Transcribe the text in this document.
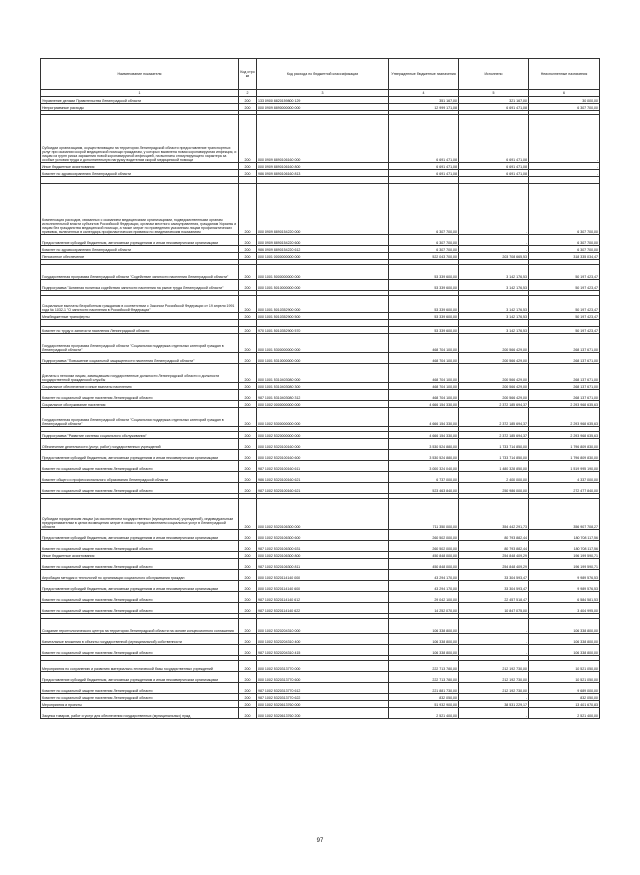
Наименование показателя	Код стро ки	Код расхода по бюджетной классификации	Утвержденные бюджетные назначения	Исполнено	Неисполненные назначения
1	2	3	4	5	6
Управление делами Правительства Ленинградской области	200	133 0900 8820159800 129	351 167,00	321 167,00	30 000,00
Непрограммные расходы	200	000 0909 8890000000 000	12 999 171,08	6 691 471,08	6 307 700,00

Субсидии организациям, осуществляющим на территории Ленинградской области предоставление транспортных услуг при оказании скорой медицинской помощи гражданам, у которых выявлена новая коронавирусная инфекция, и лицам из групп риска заражения новой коронавирусной инфекцией, на выплаты стимулирующего характера за особые условия труда и дополнительную нагрузку водителям скорой медицинской помощи	200	000 0909 8890106160 000	6 691 471,08	6 691 471,08	-
Иные бюджетные ассигнования	200	000 0909 8890106160 800	6 691 471,08	6 691 471,08	-
Комитет по здравоохранению Ленинградской области	200	986 0909 8890106160 813	6 691 471,08	6 691 471,08	-

Компенсация расходов, связанных с оказанием медицинскими организациями, подведомственными органам исполнительной власти субъектов Российской Федерации, органам местного самоуправления, гражданам Украины и лицам без гражданства медицинской помощи, а также затрат по проведению указанным лицам профилактических прививок, включенных в календарь профилактических прививок по эпидемическим показаниям	200	000 0909 8890154220 000	6 307 700,00	-	6 307 700,00
Предоставление субсидий бюджетным, автономным учреждениям и иным некоммерческим организациям	200	000 0909 8890154220 600	6 307 700,00	-	6 307 700,00
Комитет по здравоохранению Ленинградской области	200	986 0909 8890154220 612	6 307 700,00	-	6 307 700,00
Пенсионное обеспечение	200	000 1001 0000000000 000	522 043 700,00	203 708 665,53	318 335 034,47

Государственная программа Ленинградской области "Содействие занятости населения Ленинградской области"	200	000 1001 5000000000 000	53 339 600,00	3 142 176,53	50 197 423,47
Подпрограмма "Активная политика содействия занятости населения на рынке труда Ленинградской области"	200	000 1001 5010000000 000	53 339 600,00	3 142 176,53	50 197 423,47

Социальные выплаты безработным гражданам в соответствии с Законом Российской Федерации от 19 апреля 1991 года № 1032-1 "О занятости населения в Российской Федерации"	200	000 1001 5010352900 000	53 339 600,00	3 142 176,53	50 197 423,47
Межбюджетные трансферты	200	000 1001 5010352900 500	53 339 600,00	3 142 176,53	50 197 423,47

Комитет по труду и занятости населения Ленинградской области	200	970 1001 5010352900 570	53 339 600,00	3 142 176,53	50 197 423,47
Государственная программа Ленинградской области "Социальная поддержка отдельных категорий граждан в Ленинградской области"	200	000 1001 5300000000 000	468 704 100,00	200 566 429,00	268 137 671,00
Подпрограмма "Повышение социальной защищенности населения Ленинградской области"	200	000 1001 5310000000 000	468 704 100,00	200 566 429,00	268 137 671,00
Доплаты к пенсиям лицам, замещавшим государственные должности Ленинградской области и должности государственной гражданской службы	200	000 1001 5310403080 000	468 704 100,00	200 566 429,00	268 137 671,00
Социальное обеспечение и иные выплаты населению	200	000 1001 5310403080 300	468 704 100,00	200 566 429,00	268 137 671,00
Комитет по социальной защите населения Ленинградской области	200	987 1001 5310403080 312	468 704 100,00	200 566 429,00	268 137 671,00
Социальное обслуживание населения	200	000 1002 0000000000 000	4 666 154 330,00	2 372 185 694,37	2 293 968 635,63
Государственная программа Ленинградской области "Социальная поддержка отдельных категорий граждан в Ленинградской области"	200	000 1002 5300000000 000	4 666 154 330,00	2 372 185 694,37	2 293 968 635,63

Подпрограмма "Развитие системы социального обслуживания"	200	000 1002 5320000000 000	4 666 154 330,00	2 372 185 694,37	2 293 968 635,63
Обеспечение деятельности (услуг, работ) государственных учреждений	200	000 1002 5320100160 000	3 530 524 880,00	1 733 714 850,00	1 796 809 830,00
Предоставление субсидий бюджетным, автономным учреждениям и иным некоммерческим организациям	200	000 1002 5320100160 600	3 530 524 880,00	1 733 714 850,00	1 796 809 830,00
Комитет по социальной защите населения Ленинградской области	200	987 1002 5320100160 611	3 000 324 040,00	1 480 328 850,00	1 519 995 190,00
Комитет общего и профессионального образования Ленинградской области	200	986 1002 5320100160 621	6 737 000,00	2 400 000,00	4 337 000,00
Комитет по социальной защите населения Ленинградской области	200	987 1002 5320100160 621	523 463 840,00	250 986 000,00	272 477 840,00

Субсидии юридическим лицам (за исключением государственных (муниципальных) учреждений), индивидуальным предпринимателям в целях возмещения затрат в связи с предоставлением социальных услуг в Ленинградской области	200	000 1002 5320106300 000	711 350 000,00	354 442 291,73	356 907 708,27
Предоставление субсидий бюджетным, автономным учреждениям и иным некоммерческим организациям	200	000 1002 5320106300 600	260 502 000,00	80 793 882,44	180 708 117,56
Комитет по социальной защите населения Ленинградской области	200	987 1002 5320106300 631	260 502 000,00	80 793 882,44	180 708 117,56
Иные бюджетные ассигнования	200	000 1002 5320106300 800	450 848 000,00	254 848 409,29	196 199 590,71
Комитет по социальной защите населения Ленинградской области	200	987 1002 5320106300 811	450 848 000,00	254 848 409,29	196 199 590,71
Апробация методик и технологий по организации социального обслуживания граждан	200	000 1002 5320114140 000	43 294 170,00	33 304 593,47	9 989 576,53
Предоставление субсидий бюджетным, автономным учреждениям и иным некоммерческим организациям	200	000 1002 5320114140 600	43 294 170,00	33 304 593,47	9 989 576,53
Комитет по социальной защите населения Ленинградской области	200	987 1002 5320114140 612	29 042 100,00	22 457 518,47	6 584 581,53
Комитет по социальной защите населения Ленинградской области	200	987 1002 5320114140 622	14 252 070,00	10 847 075,00	3 404 995,00

Создание геронтологического центра на территории Ленинградской области на основе концессионного соглашения	200	000 1002 5320204310 000	106 338 800,00	-	106 338 800,00
Капитальные вложения в объекты государственной (муниципальной) собственности	200	000 1002 5320204310 400	106 338 800,00	-	106 338 800,00
Комитет по социальной защите населения Ленинградской области	200	987 1002 5320204310 415	106 338 800,00	-	106 338 800,00

Мероприятия по сохранению и развитию материально-технической базы государственных учреждений	200	000 1002 5320313770 000	222 713 780,00	212 192 730,00	10 521 050,00
Предоставление субсидий бюджетным, автономным учреждениям и иным некоммерческим организациям	200	000 1002 5320313770 600	222 713 780,00	212 192 730,00	10 521 050,00
Комитет по социальной защите населения Ленинградской области	200	987 1002 5320313770 612	221 881 730,00	212 192 730,00	9 689 000,00
Комитет по социальной защите населения Ленинградской области	200	987 1002 5320313770 622	832 050,00	-	832 050,00
Мероприятия и проекты	200	000 1002 5320613760 000	51 932 900,00	38 531 229,17	13 401 670,83
Закупка товаров, работ и услуг для обеспечения государственных (муниципальных) нужд	200	000 1002 5320613760 200	2 521 400,00	-	2 521 400,00
97
